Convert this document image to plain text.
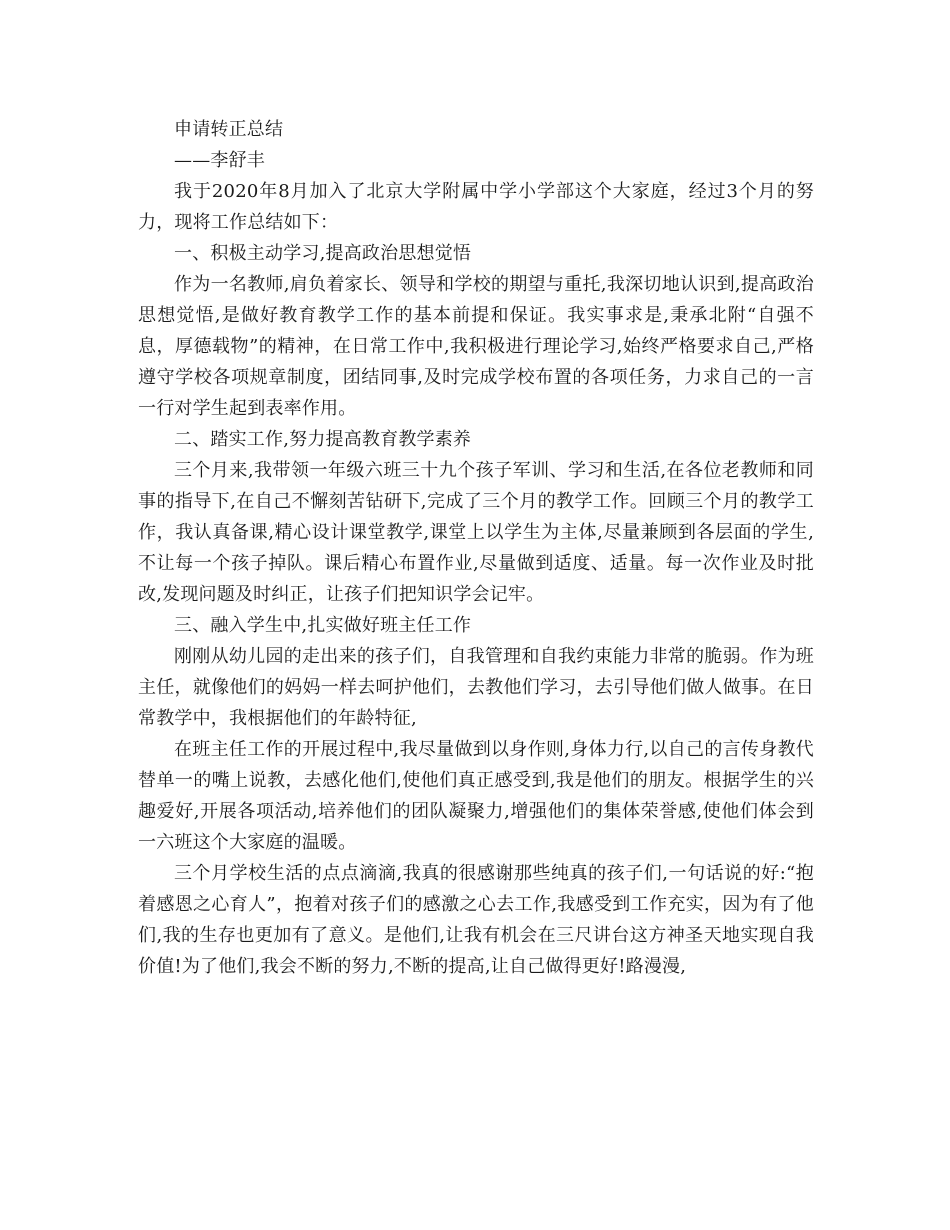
申请转正总结

——李舒丰

我于2020年8月加入了北京大学附属中学小学部这个大家庭，经过3个月的努力，现将工作总结如下：

一、积极主动学习,提高政治思想觉悟

作为一名教师,肩负着家长、领导和学校的期望与重托,我深切地认识到,提高政治思想觉悟,是做好教育教学工作的基本前提和保证。我实事求是,秉承北附“自强不息，厚德载物”的精神，在日常工作中,我积极进行理论学习,始终严格要求自己,严格遵守学校各项规章制度，团结同事,及时完成学校布置的各项任务，力求自己的一言一行对学生起到表率作用。

二、踏实工作,努力提高教育教学素养

三个月来,我带领一年级六班三十九个孩子军训、学习和生活,在各位老教师和同事的指导下,在自己不懈刻苦钻研下,完成了三个月的教学工作。回顾三个月的教学工作，我认真备课,精心设计课堂教学,课堂上以学生为主体,尽量兼顾到各层面的学生,不让每一个孩子掉队。课后精心布置作业,尽量做到适度、适量。每一次作业及时批改,发现问题及时纠正，让孩子们把知识学会记牢。

三、融入学生中,扎实做好班主任工作

刚刚从幼儿园的走出来的孩子们，自我管理和自我约束能力非常的脆弱。作为班主任，就像他们的妈妈一样去呵护他们，去教他们学习，去引导他们做人做事。在日常教学中，我根据他们的年龄特征,

在班主任工作的开展过程中,我尽量做到以身作则,身体力行,以自己的言传身教代替单一的嘴上说教，去感化他们,使他们真正感受到,我是他们的朋友。根据学生的兴趣爱好,开展各项活动,培养他们的团队凝聚力,增强他们的集体荣誉感,使他们体会到一六班这个大家庭的温暖。

三个月学校生活的点点滴滴,我真的很感谢那些纯真的孩子们,一句话说的好:“抱着感恩之心育人”，抱着对孩子们的感激之心去工作,我感受到工作充实，因为有了他们,我的生存也更加有了意义。是他们,让我有机会在三尺讲台这方神圣天地实现自我价值!为了他们,我会不断的努力,不断的提高,让自己做得更好!路漫漫,
